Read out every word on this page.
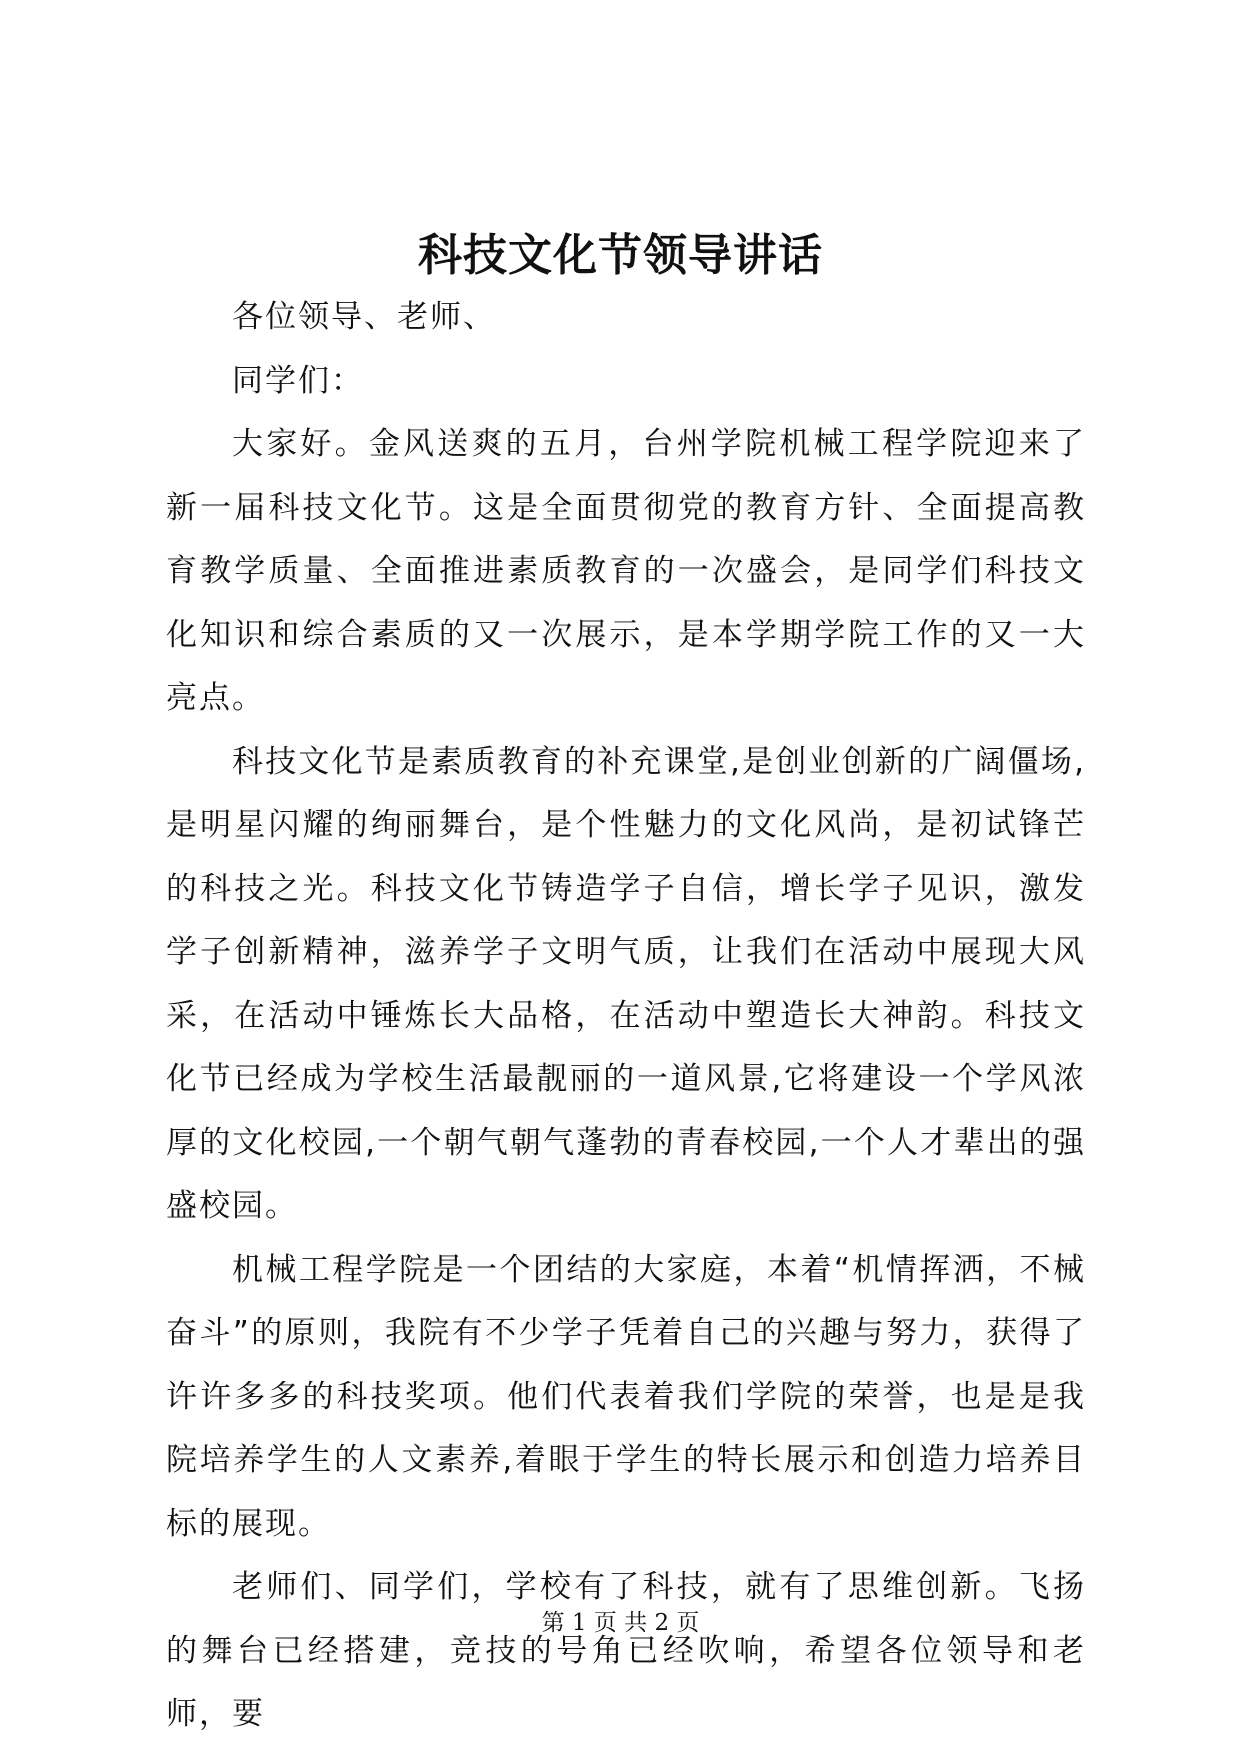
科技文化节领导讲话

各位领导、老师、

同学们：

大家好。金风送爽的五月，台州学院机械工程学院迎来了新一届科技文化节。这是全面贯彻党的教育方针、全面提高教育教学质量、全面推进素质教育的一次盛会，是同学们科技文化知识和综合素质的又一次展示，是本学期学院工作的又一大亮点。

科技文化节是素质教育的补充课堂,是创业创新的广阔僵场,是明星闪耀的绚丽舞台，是个性魅力的文化风尚，是初试锋芒的科技之光。科技文化节铸造学子自信，增长学子见识，激发学子创新精神，滋养学子文明气质，让我们在活动中展现大风采，在活动中锤炼长大品格，在活动中塑造长大神韵。科技文化节已经成为学校生活最靓丽的一道风景,它将建设一个学风浓厚的文化校园,一个朝气朝气蓬勃的青春校园,一个人才辈出的强盛校园。

机械工程学院是一个团结的大家庭，本着“机情挥洒，不械奋斗”的原则，我院有不少学子凭着自己的兴趣与努力，获得了许许多多的科技奖项。他们代表着我们学院的荣誉，也是是我院培养学生的人文素养,着眼于学生的特长展示和创造力培养目标的展现。

老师们、同学们，学校有了科技，就有了思维创新。飞扬的舞台已经搭建，竞技的号角已经吹响，希望各位领导和老师，要

第 1 页 共 2 页
